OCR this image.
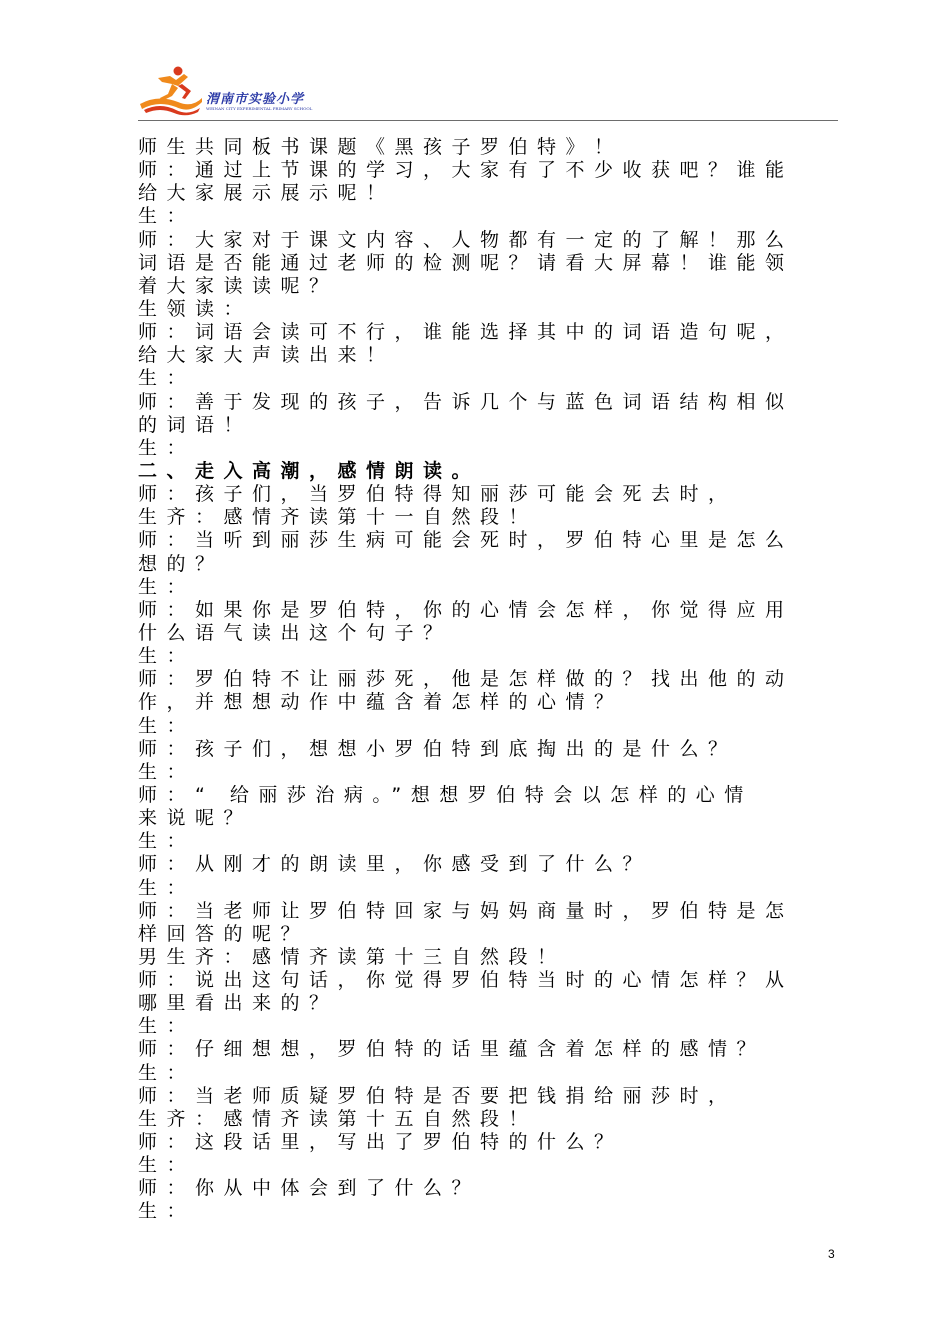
渭南市实验小学
WEINAN CITY EXPERIMENTAL PRIMARY SCHOOL
师生共同板书课题《黑孩子罗伯特》！
师：通过上节课的学习，大家有了不少收获吧？谁能
给大家展示展示呢！
生：
师：大家对于课文内容、人物都有一定的了解！那么
词语是否能通过老师的检测呢？请看大屏幕！谁能领
着大家读读呢？
生领读：
师：词语会读可不行，谁能选择其中的词语造句呢，
给大家大声读出来！
生：
师：善于发现的孩子，告诉几个与蓝色词语结构相似
的词语！
生：
二、走入高潮，感情朗读。
师：孩子们，当罗伯特得知丽莎可能会死去时，
生齐：感情齐读第十一自然段！
师：当听到丽莎生病可能会死时，罗伯特心里是怎么
想的？
生：
师：如果你是罗伯特，你的心情会怎样，你觉得应用
什么语气读出这个句子？
生：
师：罗伯特不让丽莎死，他是怎样做的？找出他的动
作，并想想动作中蕴含着怎样的心情？
生：
师：孩子们，想想小罗伯特到底掏出的是什么？
生：
师：“ 给丽莎治病。”想想罗伯特会以怎样的心情
来说呢？
生：
师：从刚才的朗读里，你感受到了什么？
生：
师：当老师让罗伯特回家与妈妈商量时，罗伯特是怎
样回答的呢？
男生齐：感情齐读第十三自然段！
师：说出这句话，你觉得罗伯特当时的心情怎样？从
哪里看出来的？
生：
师：仔细想想，罗伯特的话里蕴含着怎样的感情？
生：
师：当老师质疑罗伯特是否要把钱捐给丽莎时，
生齐：感情齐读第十五自然段！
师：这段话里，写出了罗伯特的什么？
生：
师：你从中体会到了什么？
生：
3
